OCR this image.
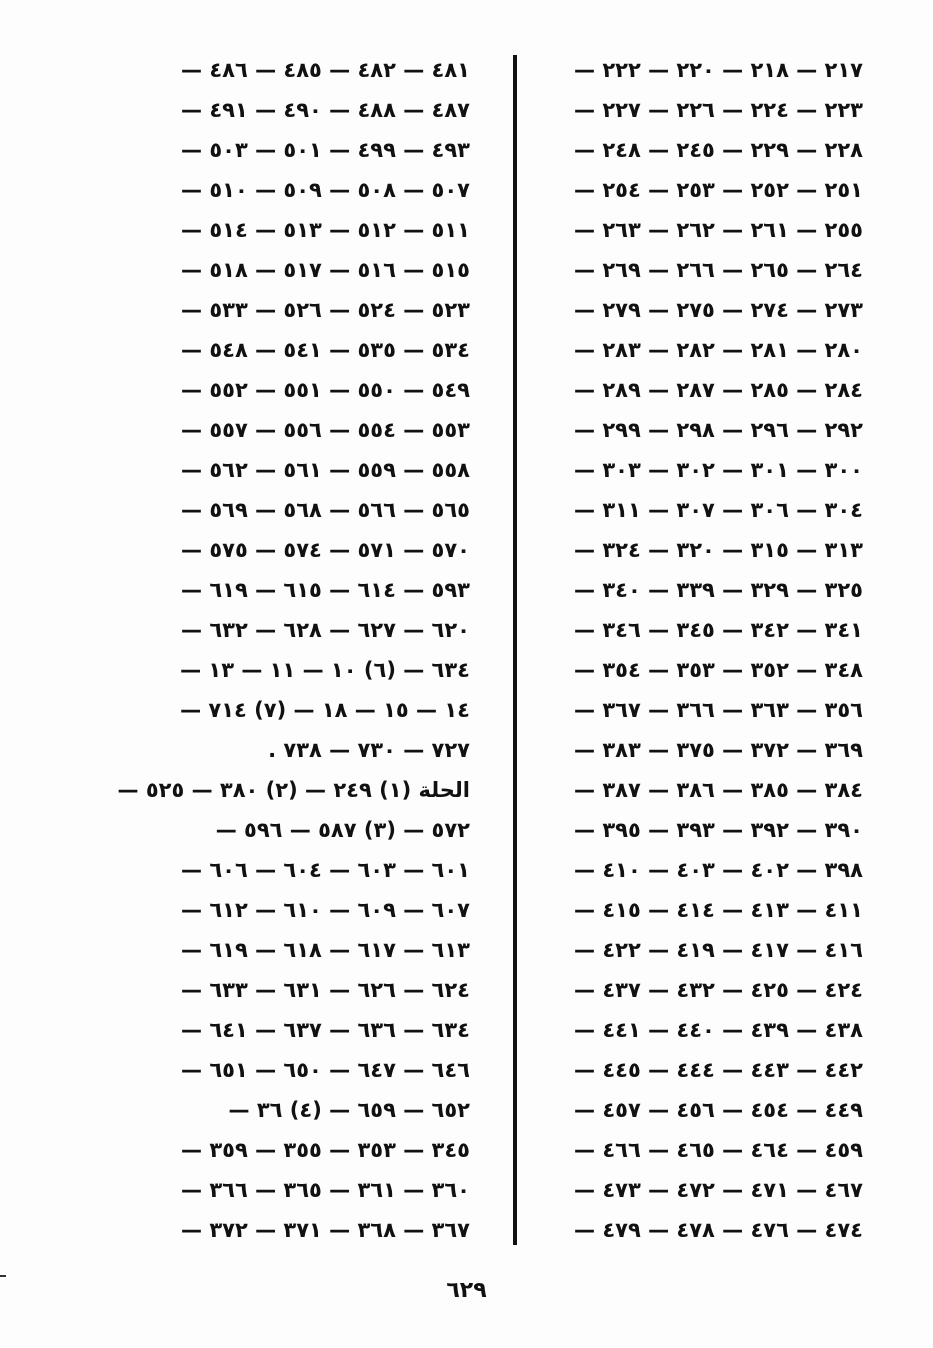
٢١٧ — ٢١٨ — ٢٢٠ — ٢٢٢ —
٢٢٣ — ٢٢٤ — ٢٢٦ — ٢٢٧ —
٢٢٨ — ٢٢٩ — ٢٤٥ — ٢٤٨ —
٢٥١ — ٢٥٢ — ٢٥٣ — ٢٥٤ —
٢٥٥ — ٢٦١ — ٢٦٢ — ٢٦٣ —
٢٦٤ — ٢٦٥ — ٢٦٦ — ٢٦٩ —
٢٧٣ — ٢٧٤ — ٢٧٥ — ٢٧٩ —
٢٨٠ — ٢٨١ — ٢٨٢ — ٢٨٣ —
٢٨٤ — ٢٨٥ — ٢٨٧ — ٢٨٩ —
٢٩٢ — ٢٩٦ — ٢٩٨ — ٢٩٩ —
٣٠٠ — ٣٠١ — ٣٠٢ — ٣٠٣ —
٣٠٤ — ٣٠٦ — ٣٠٧ — ٣١١ —
٣١٣ — ٣١٥ — ٣٢٠ — ٣٢٤ —
٣٢٥ — ٣٢٩ — ٣٣٩ — ٣٤٠ —
٣٤١ — ٣٤٢ — ٣٤٥ — ٣٤٦ —
٣٤٨ — ٣٥٢ — ٣٥٣ — ٣٥٤ —
٣٥٦ — ٣٦٣ — ٣٦٦ — ٣٦٧ —
٣٦٩ — ٣٧٢ — ٣٧٥ — ٣٨٣ —
٣٨٤ — ٣٨٥ — ٣٨٦ — ٣٨٧ —
٣٩٠ — ٣٩٢ — ٣٩٣ — ٣٩٥ —
٣٩٨ — ٤٠٢ — ٤٠٣ — ٤١٠ —
٤١١ — ٤١٣ — ٤١٤ — ٤١٥ —
٤١٦ — ٤١٧ — ٤١٩ — ٤٢٢ —
٤٢٤ — ٤٢٥ — ٤٣٢ — ٤٣٧ —
٤٣٨ — ٤٣٩ — ٤٤٠ — ٤٤١ —
٤٤٢ — ٤٤٣ — ٤٤٤ — ٤٤٥ —
٤٤٩ — ٤٥٤ — ٤٥٦ — ٤٥٧ —
٤٥٩ — ٤٦٤ — ٤٦٥ — ٤٦٦ —
٤٦٧ — ٤٧١ — ٤٧٢ — ٤٧٣ —
٤٧٤ — ٤٧٦ — ٤٧٨ — ٤٧٩ —
٤٨١ — ٤٨٢ — ٤٨٥ — ٤٨٦ —
٤٨٧ — ٤٨٨ — ٤٩٠ — ٤٩١ —
٤٩٣ — ٤٩٩ — ٥٠١ — ٥٠٣ —
٥٠٧ — ٥٠٨ — ٥٠٩ — ٥١٠ —
٥١١ — ٥١٢ — ٥١٣ — ٥١٤ —
٥١٥ — ٥١٦ — ٥١٧ — ٥١٨ —
٥٢٣ — ٥٢٤ — ٥٢٦ — ٥٣٣ —
٥٣٤ — ٥٣٥ — ٥٤١ — ٥٤٨ —
٥٤٩ — ٥٥٠ — ٥٥١ — ٥٥٢ —
٥٥٣ — ٥٥٤ — ٥٥٦ — ٥٥٧ —
٥٥٨ — ٥٥٩ — ٥٦١ — ٥٦٢ —
٥٦٥ — ٥٦٦ — ٥٦٨ — ٥٦٩ —
٥٧٠ — ٥٧١ — ٥٧٤ — ٥٧٥ —
٥٩٣ — ٦١٤ — ٦١٥ — ٦١٩ —
٦٢٠ — ٦٢٧ — ٦٢٨ — ٦٣٢ —
٦٣٤ — (٦) ١٠ — ١١ — ١٣ —
١٤ — ١٥ — ١٨ — (٧) ٧١٤ —
٧٢٧ — ٧٣٠ — ٧٣٨ .
الحلة (١) ٢٤٩ — (٢) ٣٨٠ — ٥٢٥ —
٥٧٢ — (٣) ٥٨٧ — ٥٩٦ —
٦٠١ — ٦٠٣ — ٦٠٤ — ٦٠٦ —
٦٠٧ — ٦٠٩ — ٦١٠ — ٦١٢ —
٦١٣ — ٦١٧ — ٦١٨ — ٦١٩ —
٦٢٤ — ٦٢٦ — ٦٣١ — ٦٣٣ —
٦٣٤ — ٦٣٦ — ٦٣٧ — ٦٤١ —
٦٤٦ — ٦٤٧ — ٦٥٠ — ٦٥١ —
٦٥٢ — ٦٥٩ — (٤) ٣٦ —
٣٤٥ — ٣٥٣ — ٣٥٥ — ٣٥٩ —
٣٦٠ — ٣٦١ — ٣٦٥ — ٣٦٦ —
٣٦٧ — ٣٦٨ — ٣٧١ — ٣٧٢ —
٦٢٩
